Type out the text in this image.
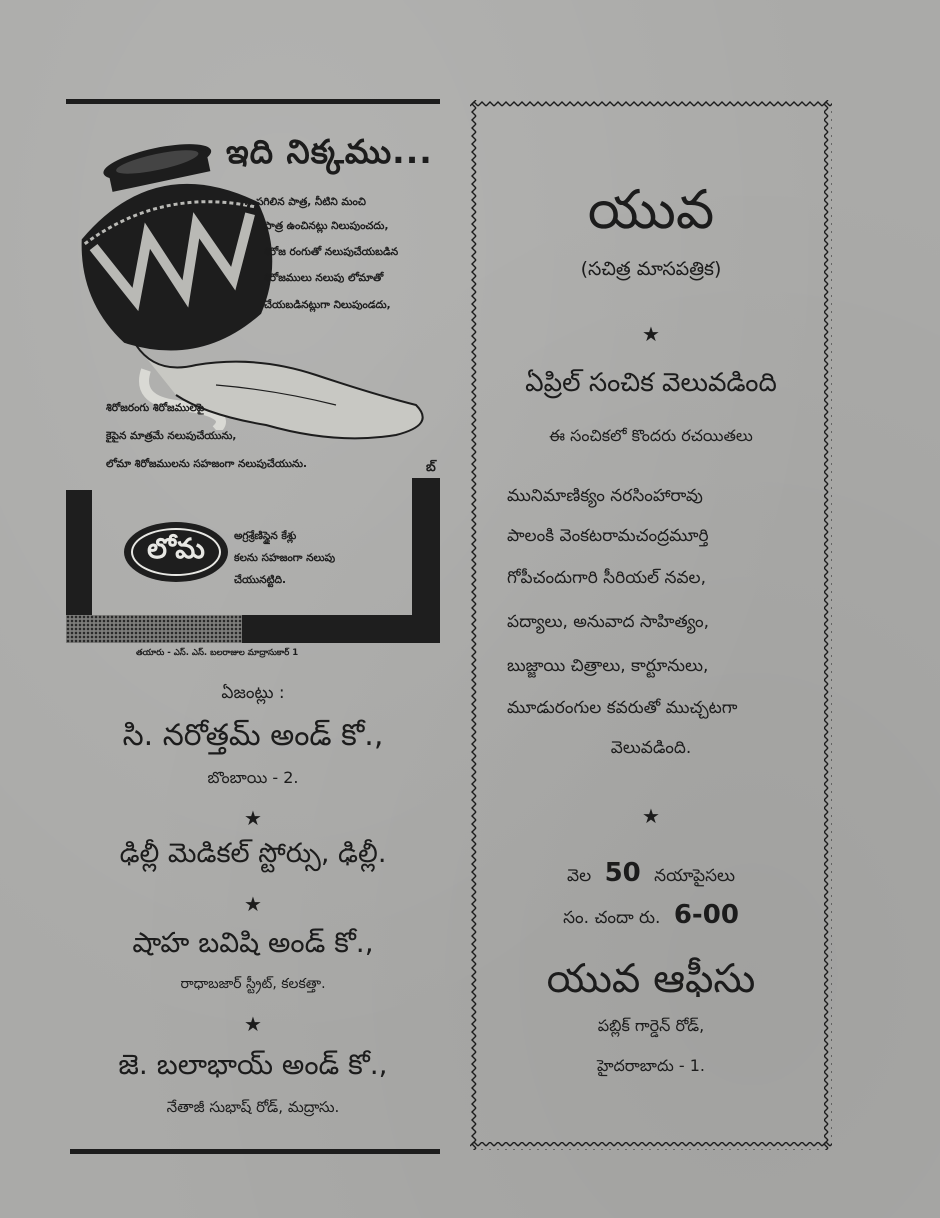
ఇది నిక్కము...
...పగిలిన పాత్ర, నీటిని మంచి
పాత్ర ఉంచినట్లు నిలుపుంచదు,
శిరోజ రంగుతో నలుపుచేయబడిన
శిరోజములు నలుపు లోమాతో
చేయబడినట్లుగా నిలుపుండదు,
శిరోజరంగు శిరోజములపై
కైపైన మాత్రమే నలుపుచేయును,
లోమా శిరోజములను సహజంగా నలుపుచేయును.	బ్
లోమ	అగ్రశ్రేణిస్థైన కేశ్లు
కలను సహజంగా నలుపు
చేయునట్టిది.
తయారు - ఎస్. ఎస్. బలరాజుల మాద్రాసుకార్ 1
ఏజంట్లు :
సి. నరోత్తమ్ అండ్ కో.,
బొంబాయి - 2.
★
ఢిల్లీ మెడికల్ స్టోర్సు, ఢిల్లీ.
★
షాహ బవిషి అండ్ కో.,
రాధాబజార్ స్ట్రీట్, కలకత్తా.
★
జె. బలాభాయ్ అండ్ కో.,
నేతాజీ సుభాష్ రోడ్, మద్రాసు.
యువ
(సచిత్ర మాసపత్రిక)
★
ఏప్రిల్ సంచిక వెలువడింది
ఈ సంచికలో కొందరు రచయితలు
మునిమాణిక్యం నరసింహారావు
పాలంకి వెంకటరామచంద్రమూర్తి
గోపీచందుగారి సీరియల్ నవల,
పద్యాలు, అనువాద సాహిత్యం,
బుజ్జాయి చిత్రాలు, కార్టూనులు,
మూడురంగుల కవరుతో ముచ్చటగా
వెలువడింది.
★
వెల 50 నయాపైసలు
సం. చందా రు. 6-00
యువ ఆఫీసు
పబ్లిక్ గార్డెన్ రోడ్,
హైదరాబాదు - 1.
